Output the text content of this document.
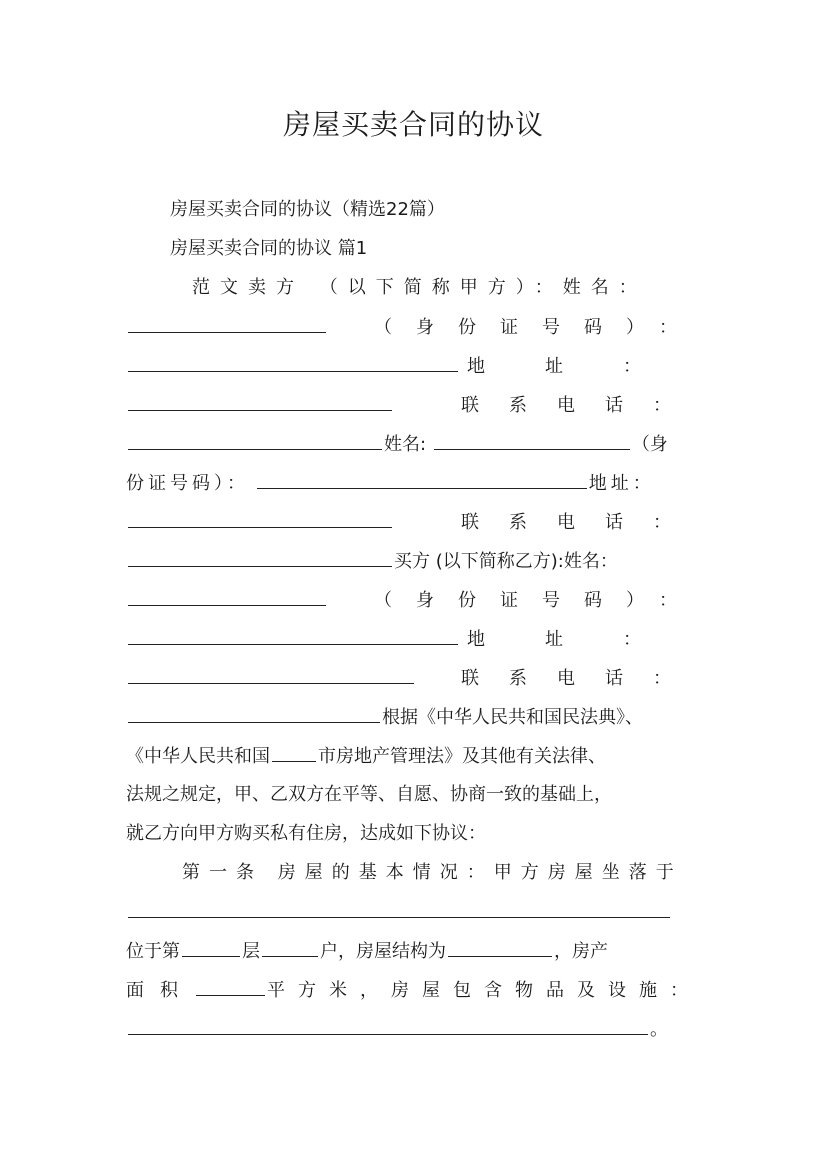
房屋买卖合同的协议
房屋买卖合同的协议（精选22篇）
房屋买卖合同的协议 篇1
范文卖方 （以下简称甲方）：姓名：
（身份证号码）：
地址：
联系电话：
姓名:	（身
份证号码）：	地址：
联系电话：
买方 (以下简称乙方):姓名：
（身份证号码）：
地址：
联系电话：
根据《中华人民共和国民法典》、
《中华人民共和国	市房地产管理法》及其他有关法律、
法规之规定，甲、乙双方在平等、自愿、协商一致的基础上，
就乙方向甲方购买私有住房，达成如下协议：
第一条 房屋的基本情况：甲方房屋坐落于
位于第	层	户，房屋结构为	，房产
面积	平方米，房屋包含物品及设施：
。
